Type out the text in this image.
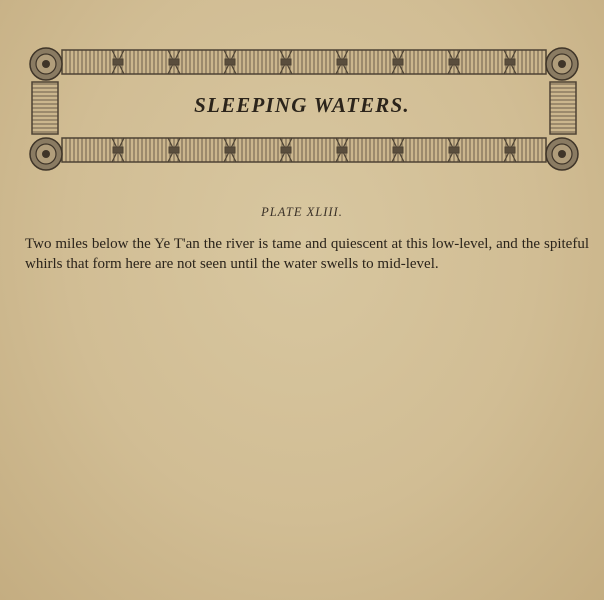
SLEEPING WATERS.
PLATE XLIII.

Two miles below the Ye T'an the river is tame and quiescent at this low-level, and the spiteful whirls that form here are not seen until the water swells to mid-level.
